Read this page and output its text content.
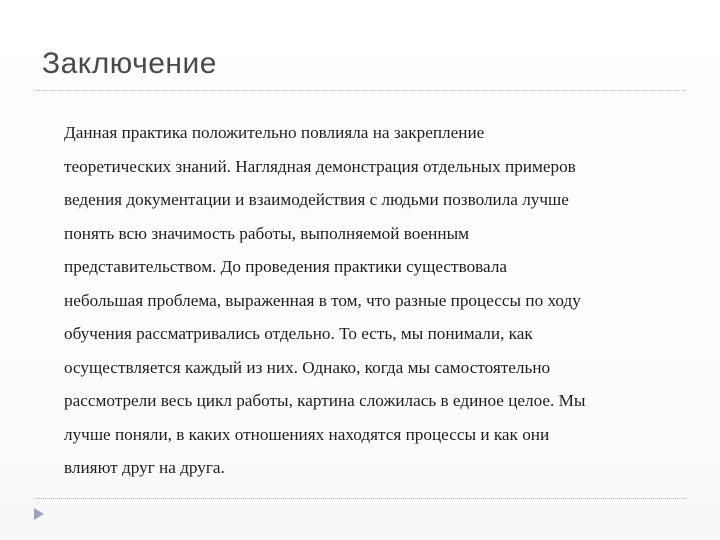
Заключение
Данная практика положительно повлияла на закрепление
теоретических знаний. Наглядная демонстрация отдельных примеров
ведения документации и взаимодействия с людьми позволила лучше
понять всю значимость работы, выполняемой военным
представительством. До проведения практики существовала
небольшая проблема, выраженная в том, что разные процессы по ходу
обучения рассматривались отдельно. То есть, мы понимали, как
осуществляется каждый из них. Однако, когда мы самостоятельно
рассмотрели весь цикл работы, картина сложилась в единое целое. Мы
лучше поняли, в каких отношениях находятся процессы и как они
влияют друг на друга.
